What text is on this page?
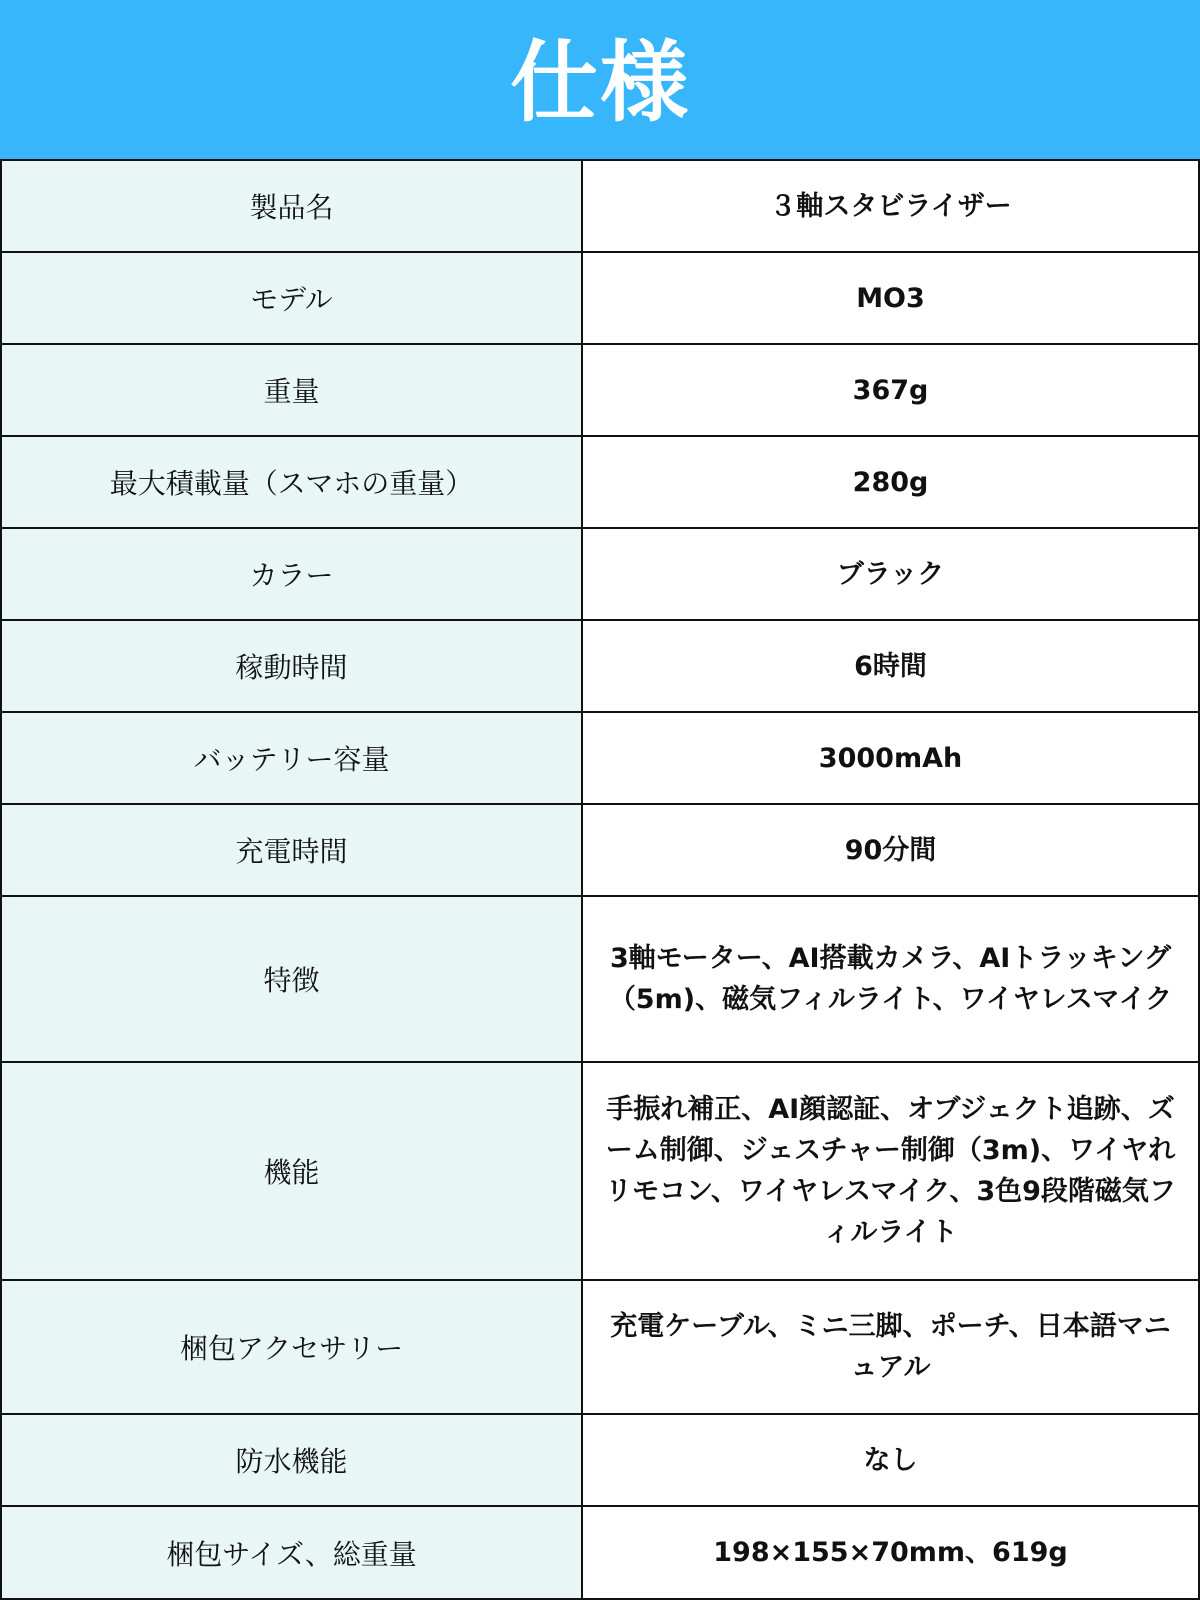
仕様
製品名	３軸スタビライザー
モデル	MO3
重量	367g
最大積載量（スマホの重量）	280g
カラー	ブラック
稼動時間	6時間
バッテリー容量	3000mAh
充電時間	90分間
特徴	3軸モーター、AI搭載カメラ、AIトラッキング（5m)、磁気フィルライト、ワイヤレスマイク
機能	手振れ補正、AI顔認証、オブジェクト追跡、ズーム制御、ジェスチャー制御（3m)、ワイヤれリモコン、ワイヤレスマイク、3色9段階磁気フィルライト
梱包アクセサリー	充電ケーブル、ミニ三脚、ポーチ、日本語マニュアル
防水機能	なし
梱包サイズ、総重量	198×155×70mm、619g
